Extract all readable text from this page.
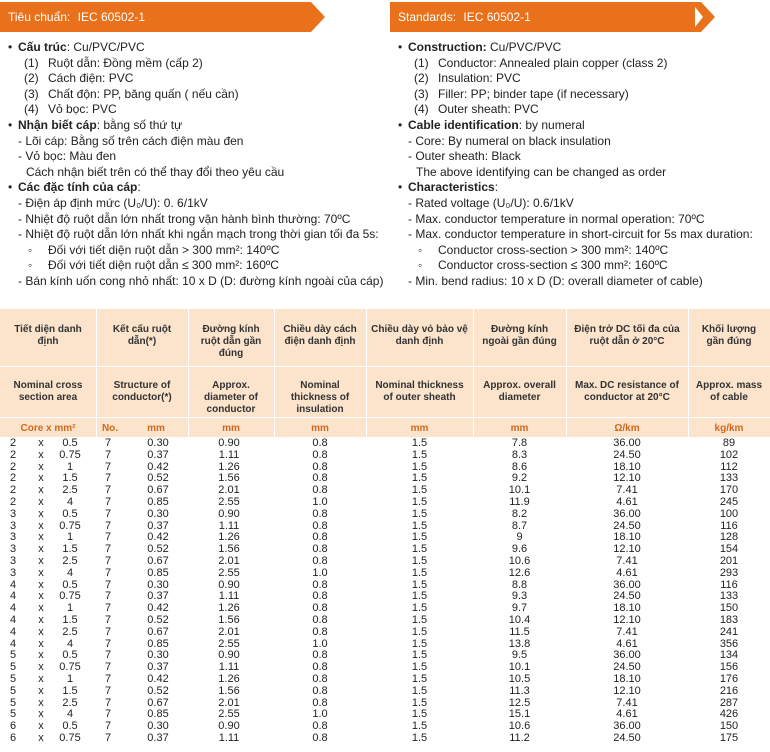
Tiêu chuẩn: IEC 60502-1	Standards: IEC 60502-1
• Cấu trúc: Cu/PVC/PVC
(1) Ruột dẫn: Đồng mềm (cấp 2)
(2) Cách điện: PVC
(3) Chất độn: PP, băng quấn ( nếu cần)
(4) Vỏ bọc: PVC
• Nhận biết cáp: bằng số thứ tự
- Lõi cáp: Bằng số trên cách điện màu đen
- Vỏ bọc: Màu đen
Cách nhận biết trên có thể thay đổi theo yêu cầu
• Các đặc tính của cáp:
- Điện áp định mức (U₀/U): 0. 6/1kV
- Nhiệt độ ruột dẫn lớn nhất trong vận hành bình thường: 70ºC
- Nhiệt độ ruột dẫn lớn nhất khi ngắn mạch trong thời gian tối đa 5s:
◦ Đối với tiết diện ruột dẫn > 300 mm²: 140ºC
◦ Đối với tiết diện ruột dẫn ≤ 300 mm²: 160ºC
- Bán kính uốn cong nhỏ nhất: 10 x D (D: đường kính ngoài của cáp)
• Construction: Cu/PVC/PVC
(1) Conductor: Annealed plain copper (class 2)
(2) Insulation: PVC
(3) Filler: PP; binder tape (if necessary)
(4) Outer sheath: PVC
• Cable identification: by numeral
- Core: By numeral on black insulation
- Outer sheath: Black
The above identifying can be changed as order
• Characteristics:
- Rated voltage (U₀/U): 0.6/1kV
- Max. conductor temperature in normal operation: 70ºC
- Max. conductor temperature in short-circuit for 5s max duration:
◦ Conductor cross-section > 300 mm²: 140ºC
◦ Conductor cross-section ≤ 300 mm²: 160ºC
- Min. bend radius: 10 x D (D: overall diameter of cable)
Tiết diện danh định
Nominal cross section area
Kết cấu ruột dẫn(*)
Structure of conductor(*)
Đường kính ruột dẫn gần đúng
Approx. diameter of conductor
Chiều dày cách điện danh định
Nominal thickness of insulation
Chiều dày vỏ bảo vệ danh định
Nominal thickness of outer sheath
Đường kính ngoài gần đúng
Approx. overall diameter
Điện trở DC tối đa của ruột dẫn ở 20°C
Max. DC resistance of conductor at 20°C
Khối lượng gần đúng
Approx. mass of cable
Core x mm²	No.	mm	mm	mm	mm	mm	Ω/km	kg/km
2	x	0.5	7	0.30	0.90	0.8	1.5	7.8	36.00	89
2	x	0.75	7	0.37	1.11	0.8	1.5	8.3	24.50	102
2	x	1	7	0.42	1.26	0.8	1.5	8.6	18.10	112
2	x	1.5	7	0.52	1.56	0.8	1.5	9.2	12.10	133
2	x	2.5	7	0.67	2.01	0.8	1.5	10.1	7.41	170
2	x	4	7	0.85	2.55	1.0	1.5	11.9	4.61	245
3	x	0.5	7	0.30	0.90	0.8	1.5	8.2	36.00	100
3	x	0.75	7	0.37	1.11	0.8	1.5	8.7	24.50	116
3	x	1	7	0.42	1.26	0.8	1.5	9	18.10	128
3	x	1.5	7	0.52	1.56	0.8	1.5	9.6	12.10	154
3	x	2.5	7	0.67	2.01	0.8	1.5	10.6	7.41	201
3	x	4	7	0.85	2.55	1.0	1.5	12.6	4.61	293
4	x	0.5	7	0.30	0.90	0.8	1.5	8.8	36.00	116
4	x	0.75	7	0.37	1.11	0.8	1.5	9.3	24.50	133
4	x	1	7	0.42	1.26	0.8	1.5	9.7	18.10	150
4	x	1.5	7	0.52	1.56	0.8	1.5	10.4	12.10	183
4	x	2.5	7	0.67	2.01	0.8	1.5	11.5	7.41	241
4	x	4	7	0.85	2.55	1.0	1.5	13.8	4.61	356
5	x	0.5	7	0.30	0.90	0.8	1.5	9.5	36.00	134
5	x	0.75	7	0.37	1.11	0.8	1.5	10.1	24.50	156
5	x	1	7	0.42	1.26	0.8	1.5	10.5	18.10	176
5	x	1.5	7	0.52	1.56	0.8	1.5	11.3	12.10	216
5	x	2.5	7	0.67	2.01	0.8	1.5	12.5	7.41	287
5	x	4	7	0.85	2.55	1.0	1.5	15.1	4.61	426
6	x	0.5	7	0.30	0.90	0.8	1.5	10.6	36.00	150
6	x	0.75	7	0.37	1.11	0.8	1.5	11.2	24.50	175
